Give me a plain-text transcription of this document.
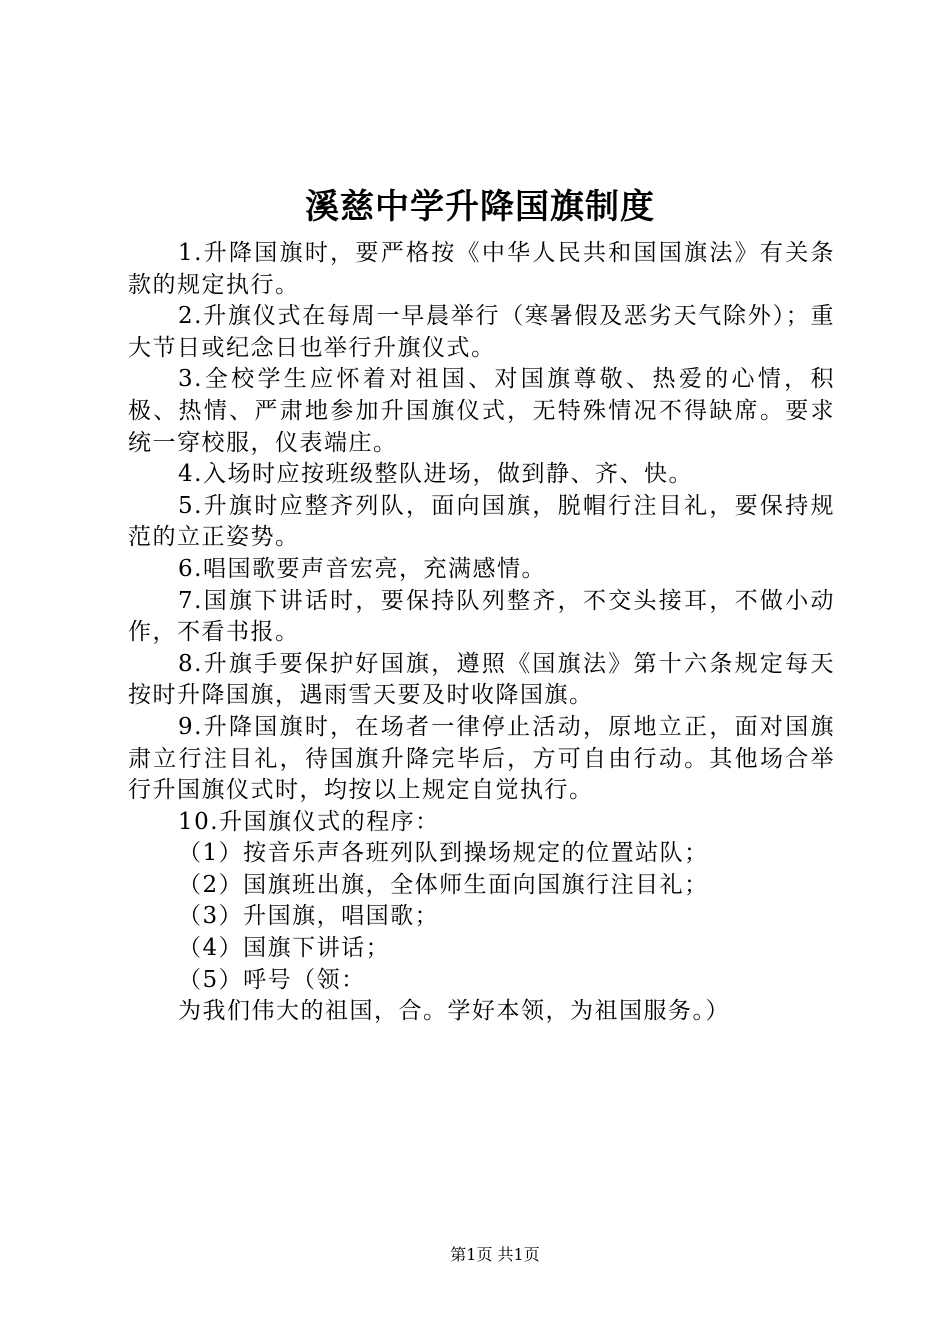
溪慈中学升降国旗制度

1.升降国旗时，要严格按《中华人民共和国国旗法》有关条款的规定执行。

2.升旗仪式在每周一早晨举行（寒暑假及恶劣天气除外）；重大节日或纪念日也举行升旗仪式。

3.全校学生应怀着对祖国、对国旗尊敬、热爱的心情，积极、热情、严肃地参加升国旗仪式，无特殊情况不得缺席。要求统一穿校服，仪表端庄。

4.入场时应按班级整队进场，做到静、齐、快。

5.升旗时应整齐列队，面向国旗，脱帽行注目礼，要保持规范的立正姿势。

6.唱国歌要声音宏亮，充满感情。

7.国旗下讲话时，要保持队列整齐，不交头接耳，不做小动作，不看书报。

8.升旗手要保护好国旗，遵照《国旗法》第十六条规定每天按时升降国旗，遇雨雪天要及时收降国旗。

9.升降国旗时，在场者一律停止活动，原地立正，面对国旗肃立行注目礼，待国旗升降完毕后，方可自由行动。其他场合举行升国旗仪式时，均按以上规定自觉执行。

10.升国旗仪式的程序：

（1）按音乐声各班列队到操场规定的位置站队；

（2）国旗班出旗，全体师生面向国旗行注目礼；

（3）升国旗，唱国歌；

（4）国旗下讲话；

（5）呼号（领：

为我们伟大的祖国，合。学好本领，为祖国服务。）

第1页 共1页
